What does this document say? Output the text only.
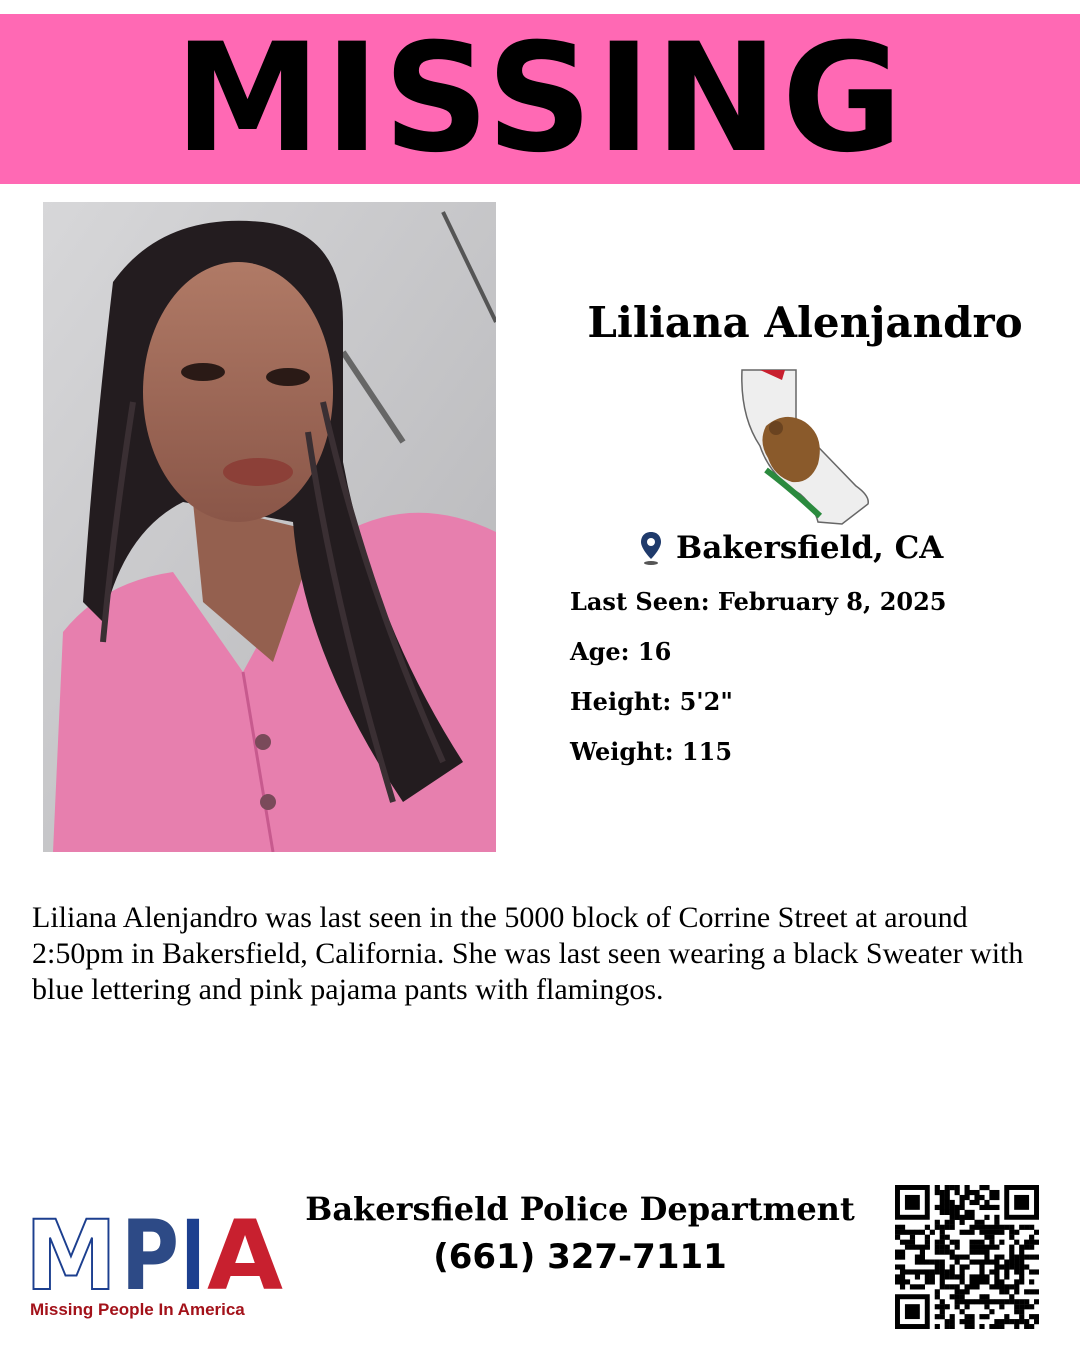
MISSING
Liliana Alenjandro
Bakersfield, CA
Last Seen: February 8, 2025
Age: 16
Height: 5'2"
Weight: 115

Liliana Alenjandro was last seen in the 5000 block of Corrine Street at around 2:50pm in Bakersfield, California. She was last seen wearing a black Sweater with blue lettering and pink pajama pants with flamingos.

M P I A
Missing People In America
Bakersfield Police Department
(661) 327-7111
